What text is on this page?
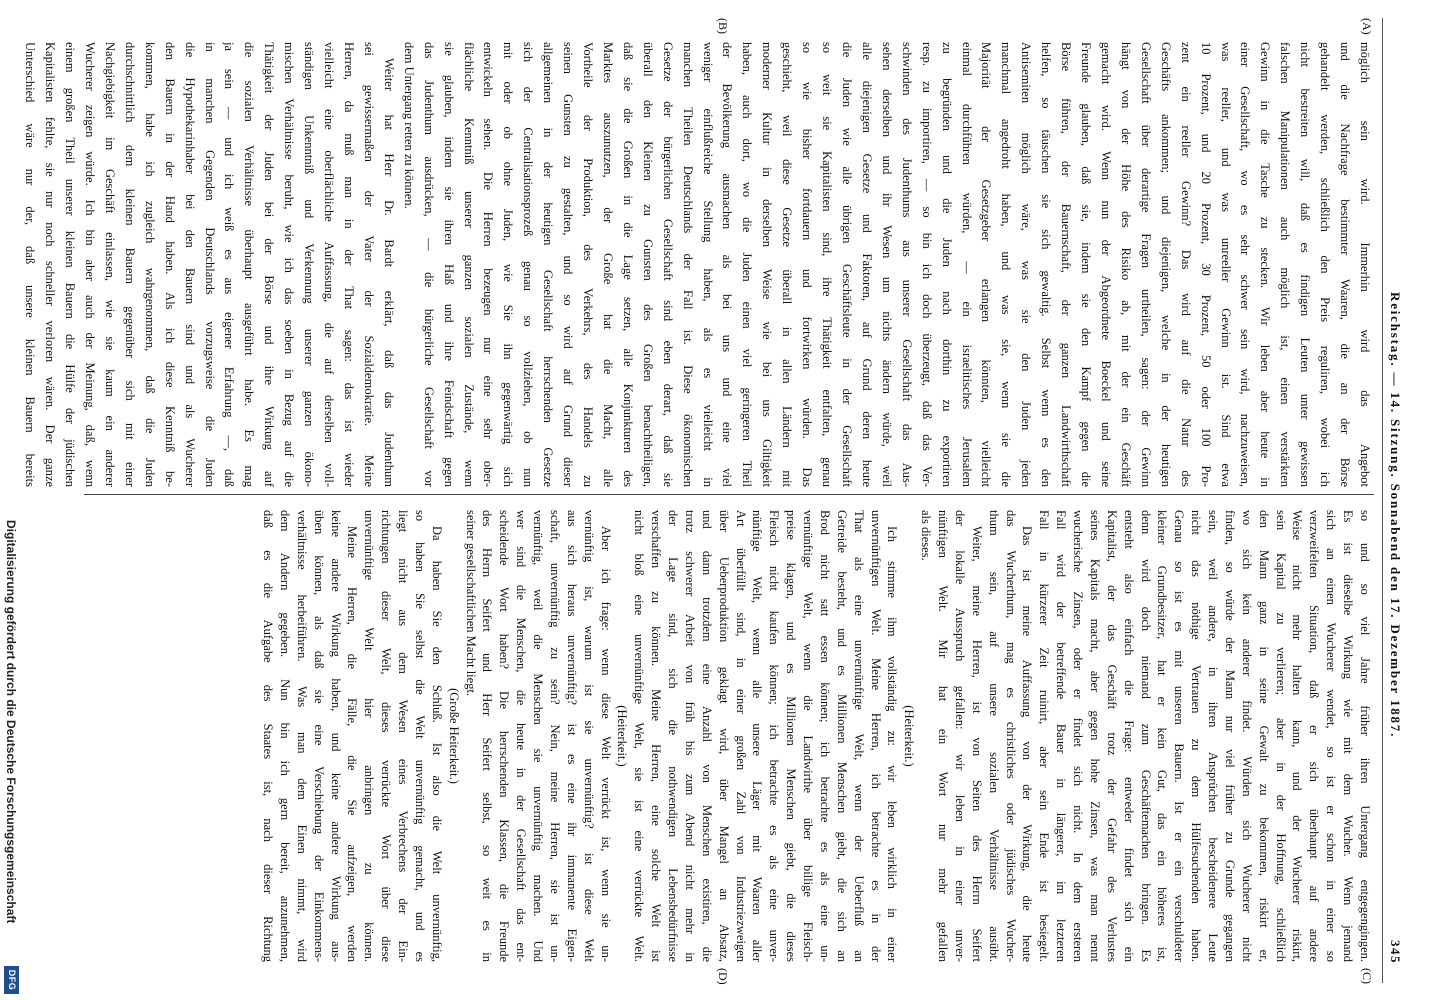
Reichstag. — 14. Sitzung. Sonnabend den 17. Dezember 1887.
345
(A)
(B)
(C)
(D)
möglich sein wird. Immerhin wird das Angebot
und die Nachfrage bestimmter Waaren, die an der Börse
gehandelt werden, schließlich den Preis reguliren, wobei ich
nicht bestreiten will, daß es findigen Leuten unter gewissen
falschen Manipulationen auch möglich ist, einen verstärkten
Gewinn in die Tasche zu stecken. Wir leben aber heute in
einer Gesellschaft, wo es sehr schwer sein wird, nachzuweisen,
was reeller, und was unreeller Gewinn ist. Sind etwa
10 Prozent, und 20 Prozent, 30 Prozent, 50 oder 100 Pro-
zent ein reeller Gewinn? Das wird auf die Natur des
Geschäfts ankommen; und diejenigen, welche in der heutigen
Gesellschaft über derartige Fragen urtheilen, sagen: der Gewinn
hängt von der Höhe des Risiko ab, mit der ein Geschäft
gemacht wird. Wenn nun der Abgeordnete Boeckel und seine
Freunde glauben, daß sie, indem sie den Kampf gegen die
Börse führen, der Bauernschaft, der ganzen Landwirthschaft
helfen, so täuschen sie sich gewaltig. Selbst wenn es den
Antisemiten möglich wäre, was sie den Juden jeden
manchmal angedroht haben, und was sie, wenn sie die
Majorität der Gesetzgeber erlangen könnten, vielleicht
einmal durchführen würden, — ein israelitisches Jerusalem
zu begründen und die Juden nach dorthin zu exportiren
resp. zu importiren, — so bin ich doch überzeugt, daß das Ver-
schwinden des Judenthums aus unserer Gesellschaft das Aus-
sehen derselben und ihr Wesen um nichts ändern würde, weil
alle diejenigen Gesetze und Faktoren, auf Grund deren heute
die Juden wie alle übrigen Geschäftsleute in der Gesellschaft
so weit sie Kapitalisten sind, ihre Thätigkeit entfalten, genau
so wie bisher fortdauern und fortwirken würden. Das
geschieht, weil diese Gesetze überall in allen Ländern mit
moderner Kultur in derselben Weise wie bei uns Giltigkeit
haben, auch dort, wo die Juden einen viel geringeren Theil
der Bevölkerung ausmachen als bei uns und eine viel
weniger einflußreiche Stellung haben, als es vielleicht in
manchen Theilen Deutschlands der Fall ist. Diese ökonomischen
Gesetze der bürgerlichen Gesellschaft sind eben derart, daß sie
überall den Kleinen zu Gunsten des Großen benachtheiligen,
daß sie die Großen in die Lage setzen, alle Konjunkturen des
Marktes auszunutzen, der Große hat die Macht, alle
Vortheile der Produktion, des Verkehrs, des Handels zu
seinen Gunsten zu gestalten, und so wird auf Grund dieser
allgemeinen in der heutigen Gesellschaft herrschenden Gesetze
sich der Centralisationsprozeß genau so vollziehen, ob nun
mit oder ob ohne Juden, wie Sie ihn gegenwärtig sich
entwickeln sehen. Die Herren bezeugen nur eine sehr ober-
flächliche Kenntniß unserer ganzen sozialen Zustände, wenn
sie glauben, indem sie ihren Haß und ihre Feindschaft gegen
das Judenthum ausdrücken, — die bürgerliche Gesellschaft vor
dem Untergang retten zu können.
Weiter hat Herr Dr. Bardt erklärt, daß das Judenthum
sei gewissermaßen der Vater der Sozialdemokratie. Meine
Herren, da muß man in der That sagen: das ist wieder
vielleicht eine oberflächliche Auffassung, die auf derselben voll-
ständigen Unkenntniß und Verkennung unserer ganzen ökono-
mischen Verhältnisse beruht, wie ich das soeben in Bezug auf die
Thätigkeit der Juden bei der Börse und ihre Wirkung auf
die sozialen Verhältnisse überhaupt ausgeführt habe. Es mag
ja sein — und ich weiß es aus eigener Erfahrung —, daß
in manchen Gegenden Deutschlands vorzugsweise die Juden
die Hypothekarinhaber bei den Bauern sind und als Wucherer
den Bauern in der Hand haben. Als ich diese Kenntniß be-
kommen, habe ich zugleich wahrgenommen, daß die Juden
durchschnittlich dem kleinen Bauern gegenüber sich mit einer
Nachgiebigkeit im Geschäft einlassen, wie sie kaum ein anderer
Wucherer zeigen würde. Ich bin aber auch der Meinung, daß, wenn
einem großen Theil unserer kleinen Bauern die Hülfe der jüdischen
Kapitalisten fehlte, sie nur noch schneller verloren wären. Der ganze
Unterschied wäre nur der, daß unsere kleinen Bauern bereits
so und so viel Jahre früher ihren Untergang entgegengingen.
Es ist dieselbe Wirkung wie mit dem Wucher. Wenn jemand
sich an einen Wucherer wendet, so ist er schon in einer so
verzweifelten Situation, daß er sich überhaupt auf andere
Weise nicht mehr halten kann, und der Wucherer riskirt,
sein Kapital zu verlieren; aber in der Hoffnung, schließlich
den Mann ganz in seine Gewalt zu bekommen, riskirt er,
wo sich kein anderer findet. Würden sich Wucherer nicht
finden, so würde der Mann nur viel früher zu Grunde gegangen
sein, weil andere, in ihren Ansprüchen bescheidenere Leute
nicht das nöthige Vertrauen zu dem Hülfesuchenden haben.
Genau so ist es mit unseren Bauern. Ist er ein verschuldeter
kleiner Grundbesitzer, hat er kein Gut, das ein höheres ist,
denn wird doch niemand zum Geschäftemachen bringen. Es
entsteht also einfach die Frage: entweder findet sich ein
Kapitalist, der das Geschäft trotz der Gefahr des Verlustes
seines Kapitals macht, aber gegen hohe Zinsen, was man nennt
wucherische Zinsen, oder er findet sich nicht. In dem ersteren
Fall wird der betreffende Bauer in längerer, im letzteren
Fall in kürzerer Zeit ruinirt, aber sein Ende ist besiegelt.
Das ist meine Auffassung von der Wirkung, die heute
das Wucherthum, mag es christliches oder jüdisches Wucher-
thum sein, auf unsere sozialen Verhältnisse ausübt.
Weiter, meine Herren, ist von Seiten des Herrn Seifert
der lokalle Ausspruch gefallen: wir leben in einer unver-
nünftigen Welt. Mir hat ein Wort nur mehr gefallen
als dieses.
(Heiterkeit.)
Ich stimme ihm vollständig zu: wir leben wirklich in einer
unvernünftigen Welt. Meine Herren, ich betrachte es in der
That als eine unvernünftige Welt, wenn der Ueberfluß an
Getreide besteht, und es Millionen Menschen giebt, die sich an
Brod nicht satt essen können; ich betrachte es als eine un-
vernünftige Welt, wenn die Landwirthe über billige Fleisch-
preise klagen, und es Millionen Menschen giebt, die dieses
Fleisch nicht kaufen können; ich betrachte es als eine unver-
nünftige Welt, wenn alle unsere Läger mit Waaren aller
Art überfüllt sind, in einer großen Zahl von Industriezweigen
über Ueberproduktion geklagt wird, über Mangel an Absatz,
und dann trotzdem eine Anzahl von Menschen existiren, die
trotz schwerer Arbeit von früh bis zum Abend nicht mehr in
der Lage sind, sich die nothwendigen Lebensbedürfnisse
verschaffen zu können. Meine Herren, eine solche Welt ist
nicht bloß eine unvernünftige Welt, sie ist eine verrückte Welt.
(Heiterkeit.)
Aber ich frage: wenn diese Welt verrückt ist, wenn sie un-
vernünftig ist, warum ist sie unvernünftig? ist diese Welt
aus sich heraus unvernünftig? ist es eine ihr immanente Eigen-
schaft, unvernünftig zu sein? Nein, meine Herren, sie ist un-
vernünftig, weil die Menschen sie unvernünftig machen. Und
wer sind die Menschen, die heute in der Gesellschaft das ent-
scheidende Wort haben? Die herrschenden Klassen, die Freunde
des Herrn Seifert und Herr Seifert selbst, so weit es in
seiner gesellschaftlichen Macht liegt.
(Große Heiterkeit.)
Da haben Sie den Schluß. Ist also die Welt unvernünftig,
so haben Sie selbst die Welt unvernünftig gemacht, und es
liegt nicht aus dem Wesen eines Verbrechens der Ein-
richtungen dieser Welt, dieses verrückte Wort über diese
unvernünftige Welt hier anbringen zu können.
Meine Herren, die Fälle, die Sie aufzeigen, werden
keine andere Wirkung haben, und keine andere Wirkung aus-
üben können, als daß sie eine Verschiebung der Einkommens-
verhältnisse herbeiführen. Was man dem Einen nimmt, wird
dem Andern gegeben. Nun bin ich gern bereit, anzunehmen,
daß es die Aufgabe des Staates ist, nach dieser Richtung
Digitalisierung gefördert durch die Deutsche Forschungsgemeinschaft
DFG
